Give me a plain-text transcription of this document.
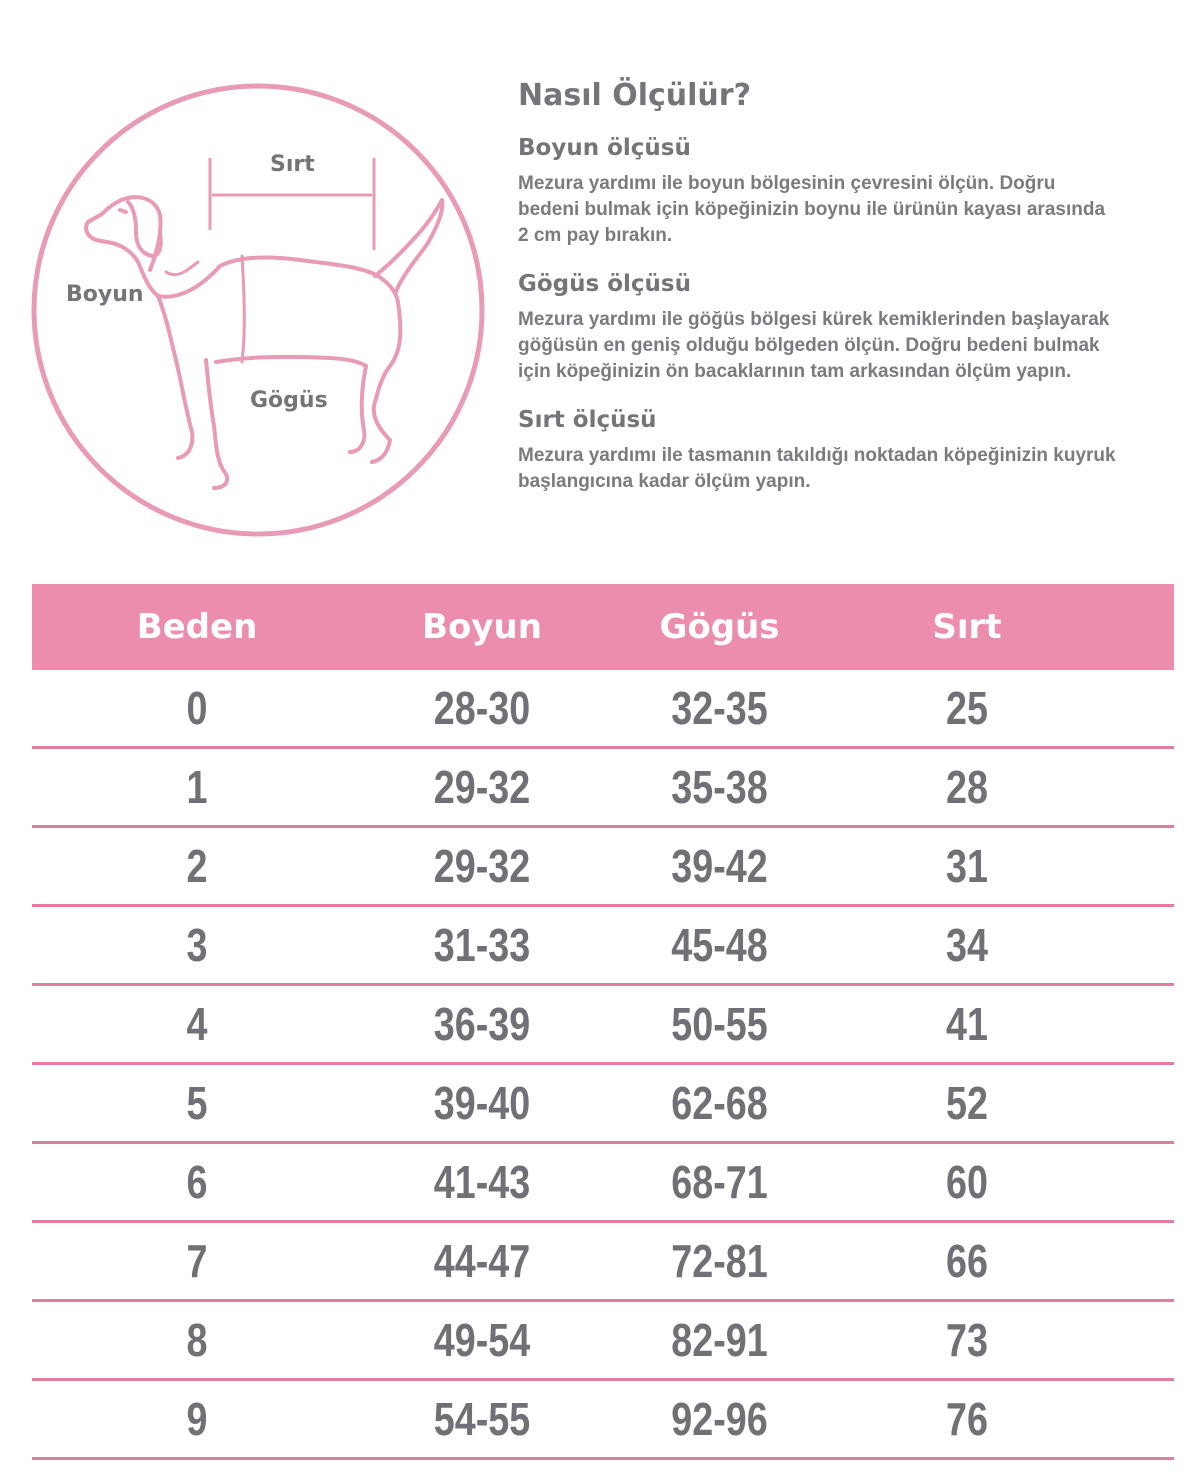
Sırt
Boyun
Gögüs
Nasıl Ölçülür?
Boyun ölçüsü

Mezura yardımı ile boyun bölgesinin çevresini ölçün. Doğru
bedeni bulmak için köpeğinizin boynu ile ürünün kayası arasında
2 cm pay bırakın.

Gögüs ölçüsü

Mezura yardımı ile göğüs bölgesi kürek kemiklerinden başlayarak
göğüsün en geniş olduğu bölgeden ölçün. Doğru bedeni bulmak
için köpeğinizin ön bacaklarının tam arkasından ölçüm yapın.

Sırt ölçüsü

Mezura yardımı ile tasmanın takıldığı noktadan köpeğinizin kuyruk
başlangıcına kadar ölçüm yapın.

Beden	Boyun	Gögüs	Sırt
0	28-30	32-35	25
1	29-32	35-38	28
2	29-32	39-42	31
3	31-33	45-48	34
4	36-39	50-55	41
5	39-40	62-68	52
6	41-43	68-71	60
7	44-47	72-81	66
8	49-54	82-91	73
9	54-55	92-96	76
